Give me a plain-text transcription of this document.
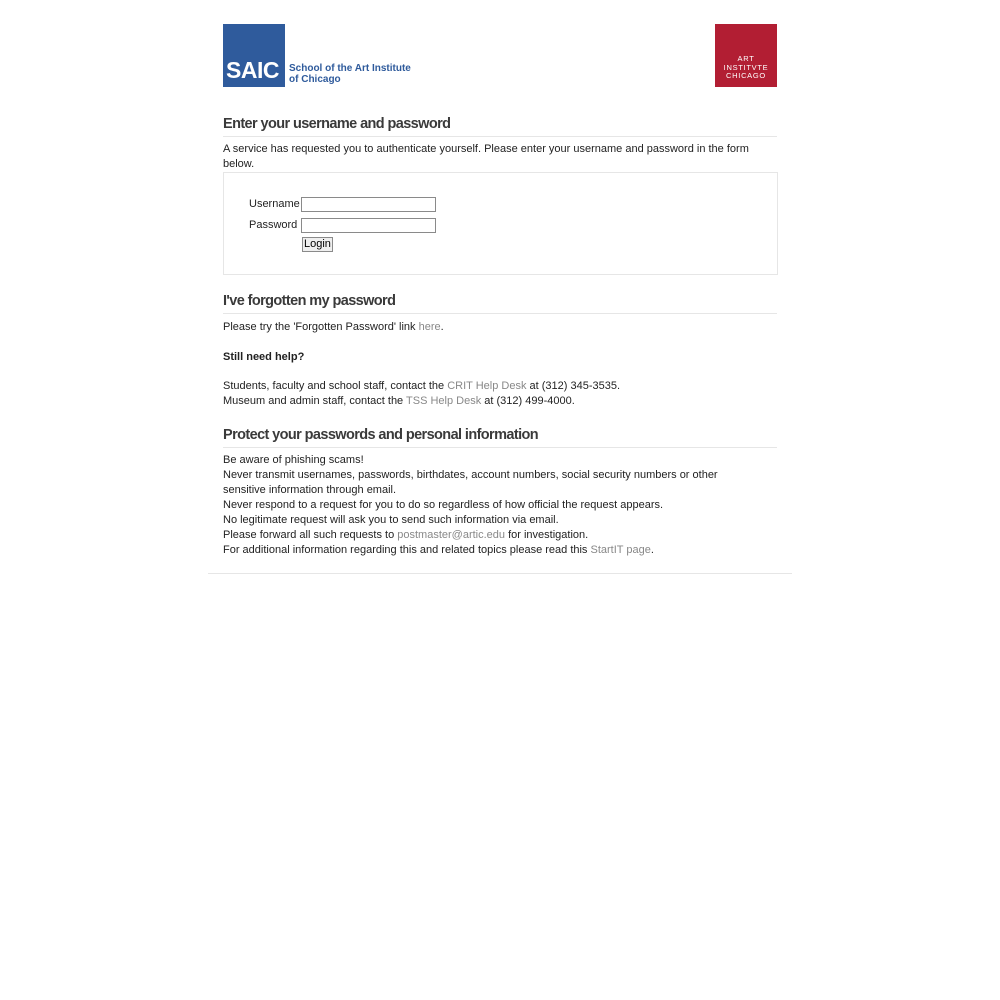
SAIC School of the Art Institute
of Chicago
ART
INSTITVTE
CHICAGO
Enter your username and password

A service has requested you to authenticate yourself. Please enter your username and password in the form below.

Username
Password
Login
I've forgotten my password

Please try the 'Forgotten Password' link here.

Still need help?

Students, faculty and school staff, contact the CRIT Help Desk at (312) 345-3535.

Museum and admin staff, contact the TSS Help Desk at (312) 499-4000.

Protect your passwords and personal information
Be aware of phishing scams!
Never transmit usernames, passwords, birthdates, account numbers, social security numbers or other sensitive information through email.
Never respond to a request for you to do so regardless of how official the request appears.
No legitimate request will ask you to send such information via email.
Please forward all such requests to postmaster@artic.edu for investigation.
For additional information regarding this and related topics please read this StartIT page.
